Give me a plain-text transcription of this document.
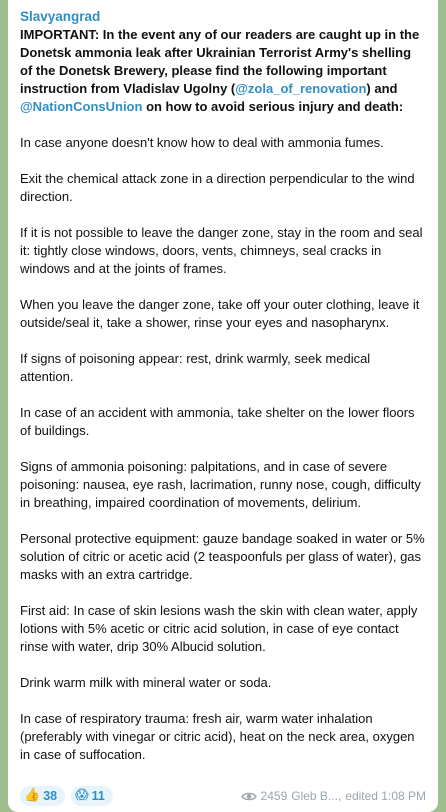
Slavyangrad
IMPORTANT: In the event any of our readers are caught up in the Donetsk ammonia leak after Ukrainian Terrorist Army's shelling of the Donetsk Brewery, please find the following important instruction from Vladislav Ugolny (@zola_of_renovation) and @NationConsUnion on how to avoid serious injury and death:

In case anyone doesn't know how to deal with ammonia fumes.

Exit the chemical attack zone in a direction perpendicular to the wind direction.

If it is not possible to leave the danger zone, stay in the room and seal it: tightly close windows, doors, vents, chimneys, seal cracks in windows and at the joints of frames.

When you leave the danger zone, take off your outer clothing, leave it outside/seal it, take a shower, rinse your eyes and nasopharynx.

If signs of poisoning appear: rest, drink warmly, seek medical attention.

In case of an accident with ammonia, take shelter on the lower floors of buildings.

Signs of ammonia poisoning: palpitations, and in case of severe poisoning: nausea, eye rash, lacrimation, runny nose, cough, difficulty in breathing, impaired coordination of movements, delirium.

Personal protective equipment: gauze bandage soaked in water or 5% solution of citric or acetic acid (2 teaspoonfuls per glass of water), gas masks with an extra cartridge.

First aid: In case of skin lesions wash the skin with clean water, apply lotions with 5% acetic or citric acid solution, in case of eye contact rinse with water, drip 30% Albucid solution.

Drink warm milk with mineral water or soda.

In case of respiratory trauma: fresh air, warm water inhalation (preferably with vinegar or citric acid), heat on the neck area, oxygen in case of suffocation.

👍 38 😱 11	2459 Gleb B..., edited 1:08 PM
